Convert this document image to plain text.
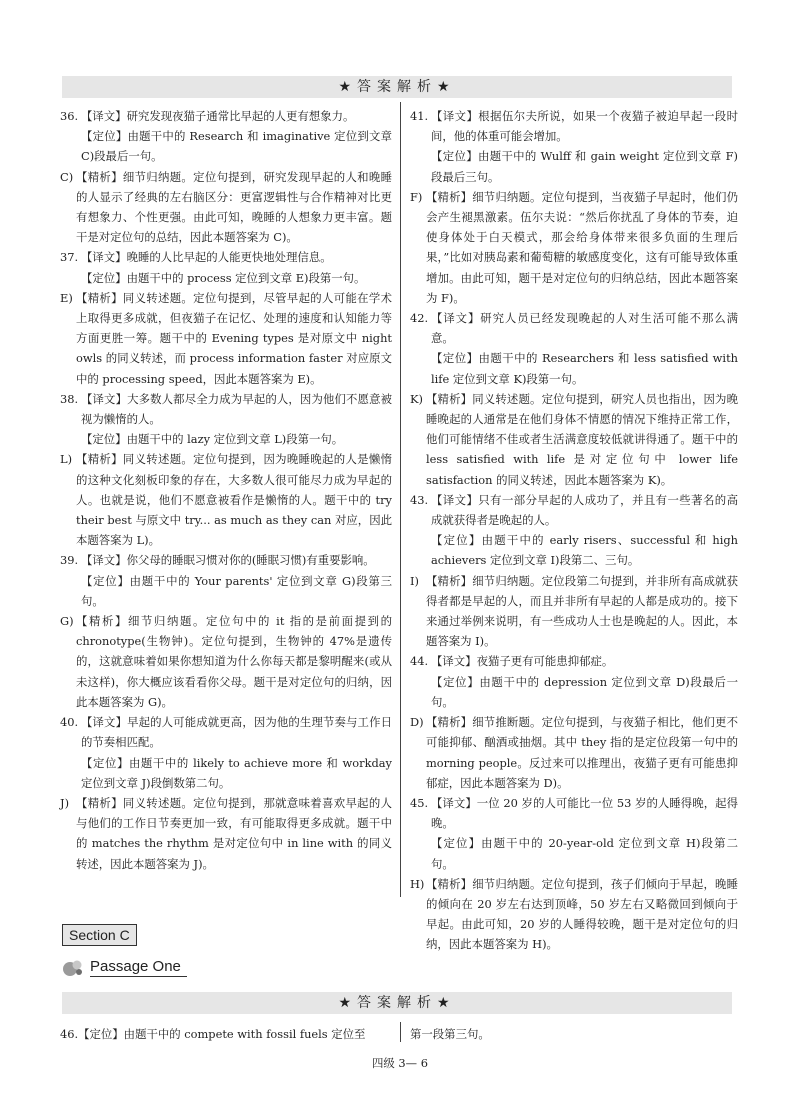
★答案解析★
36. 【译文】研究发现夜猫子通常比早起的人更有想象力。
【定位】由题干中的 Research 和 imaginative 定位到文章 C)段最后一句。
C) 【精析】细节归纳题。定位句提到，研究发现早起的人和晚睡的人显示了经典的左右脑区分：更富逻辑性与合作精神对比更有想象力、个性更强。由此可知，晚睡的人想象力更丰富。题干是对定位句的总结，因此本题答案为 C)。
37. 【译文】晚睡的人比早起的人能更快地处理信息。
【定位】由题干中的 process 定位到文章 E)段第一句。
E) 【精析】同义转述题。定位句提到，尽管早起的人可能在学术上取得更多成就，但夜猫子在记忆、处理的速度和认知能力等方面更胜一筹。题干中的 Evening types 是对原文中 night owls 的同义转述，而 process information faster 对应原文中的 processing speed，因此本题答案为 E)。
38. 【译文】大多数人都尽全力成为早起的人，因为他们不愿意被视为懒惰的人。
【定位】由题干中的 lazy 定位到文章 L)段第一句。
L) 【精析】同义转述题。定位句提到，因为晚睡晚起的人是懒惰的这种文化刻板印象的存在，大多数人很可能尽力成为早起的人。也就是说，他们不愿意被看作是懒惰的人。题干中的 try their best 与原文中 try... as much as they can 对应，因此本题答案为 L)。
39. 【译文】你父母的睡眠习惯对你的(睡眠习惯)有重要影响。
【定位】由题干中的 Your parents' 定位到文章 G)段第三句。
G) 【精析】细节归纳题。定位句中的 it 指的是前面提到的 chronotype(生物钟)。定位句提到，生物钟的 47%是遗传的，这就意味着如果你想知道为什么你每天都是黎明醒来(或从未这样)，你大概应该看看你父母。题干是对定位句的归纳，因此本题答案为 G)。
40. 【译文】早起的人可能成就更高，因为他的生理节奏与工作日的节奏相匹配。
【定位】由题干中的 likely to achieve more 和 workday 定位到文章 J)段倒数第二句。
J) 【精析】同义转述题。定位句提到，那就意味着喜欢早起的人与他们的工作日节奏更加一致，有可能取得更多成就。题干中的 matches the rhythm 是对定位句中 in line with 的同义转述，因此本题答案为 J)。
41. 【译文】根据伍尔夫所说，如果一个夜猫子被迫早起一段时间，他的体重可能会增加。
【定位】由题干中的 Wulff 和 gain weight 定位到文章 F)段最后三句。
F) 【精析】细节归纳题。定位句提到，当夜猫子早起时，他们仍会产生褪黑激素。伍尔夫说：“然后你扰乱了身体的节奏，迫使身体处于白天模式，那会给身体带来很多负面的生理后果，”比如对胰岛素和葡萄糖的敏感度变化，这有可能导致体重增加。由此可知，题干是对定位句的归纳总结，因此本题答案为 F)。
42. 【译文】研究人员已经发现晚起的人对生活可能不那么满意。
【定位】由题干中的 Researchers 和 less satisfied with life 定位到文章 K)段第一句。
K) 【精析】同义转述题。定位句提到，研究人员也指出，因为晚睡晚起的人通常是在他们身体不情愿的情况下维持正常工作，他们可能情绪不佳或者生活满意度较低就讲得通了。题干中的 less satisfied with life 是对定位句中 lower life satisfaction 的同义转述，因此本题答案为 K)。
43. 【译文】只有一部分早起的人成功了，并且有一些著名的高成就获得者是晚起的人。
【定位】由题干中的 early risers、successful 和 high achievers 定位到文章 I)段第二、三句。
I) 【精析】细节归纳题。定位段第二句提到，并非所有高成就获得者都是早起的人，而且并非所有早起的人都是成功的。接下来通过举例来说明，有一些成功人士也是晚起的人。因此，本题答案为 I)。
44. 【译文】夜猫子更有可能患抑郁症。
【定位】由题干中的 depression 定位到文章 D)段最后一句。
D) 【精析】细节推断题。定位句提到，与夜猫子相比，他们更不可能抑郁、酗酒或抽烟。其中 they 指的是定位段第一句中的 morning people。反过来可以推理出，夜猫子更有可能患抑郁症，因此本题答案为 D)。
45. 【译文】一位 20 岁的人可能比一位 53 岁的人睡得晚，起得晚。
【定位】由题干中的 20-year-old 定位到文章 H)段第二句。
H) 【精析】细节归纳题。定位句提到，孩子们倾向于早起，晚睡的倾向在 20 岁左右达到顶峰，50 岁左右又略微回到倾向于早起。由此可知，20 岁的人睡得较晚，题干是对定位句的归纳，因此本题答案为 H)。
Section C
Passage One
★答案解析★
46.【定位】由题干中的 compete with fossil fuels 定位至	第一段第三句。
四级 3— 6
